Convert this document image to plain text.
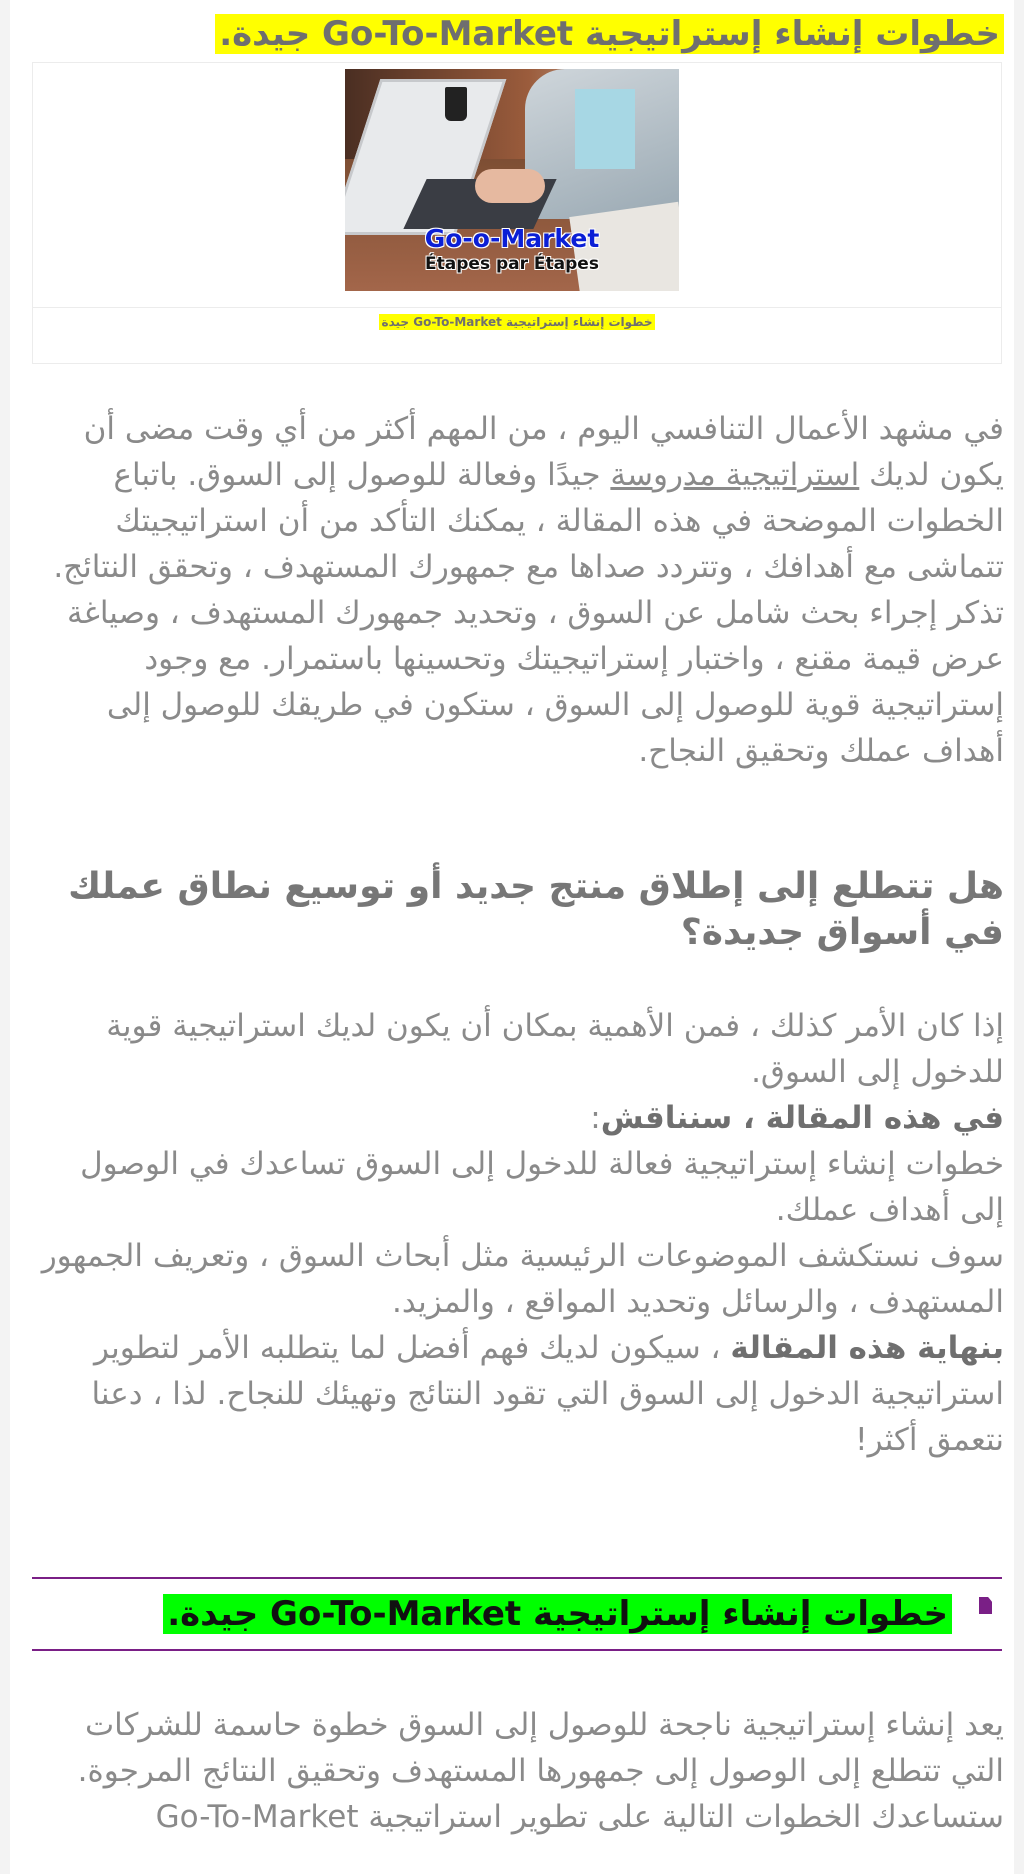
خطوات إنشاء إستراتيجية Go-To-Market جيدة.
Go-o-Market
Étapes par Étapes
خطوات إنشاء إستراتيجية Go-To-Market جيدة
في مشهد الأعمال التنافسي اليوم ، من المهم أكثر من أي وقت مضى أن يكون لديك استراتيجية مدروسة جيدًا وفعالة للوصول إلى السوق. باتباع الخطوات الموضحة في هذه المقالة ، يمكنك التأكد من أن استراتيجيتك تتماشى مع أهدافك ، وتتردد صداها مع جمهورك المستهدف ، وتحقق النتائج. تذكر إجراء بحث شامل عن السوق ، وتحديد جمهورك المستهدف ، وصياغة عرض قيمة مقنع ، واختبار إستراتيجيتك وتحسينها باستمرار. مع وجود إستراتيجية قوية للوصول إلى السوق ، ستكون في طريقك للوصول إلى أهداف عملك وتحقيق النجاح.
هل تتطلع إلى إطلاق منتج جديد أو توسيع نطاق عملك في أسواق جديدة؟
إذا كان الأمر كذلك ، فمن الأهمية بمكان أن يكون لديك استراتيجية قوية للدخول إلى السوق.
في هذه المقالة ، سنناقش:
خطوات إنشاء إستراتيجية فعالة للدخول إلى السوق تساعدك في الوصول إلى أهداف عملك.
سوف نستكشف الموضوعات الرئيسية مثل أبحاث السوق ، وتعريف الجمهور المستهدف ، والرسائل وتحديد المواقع ، والمزيد.
بنهاية هذه المقالة ، سيكون لديك فهم أفضل لما يتطلبه الأمر لتطوير استراتيجية الدخول إلى السوق التي تقود النتائج وتهيئك للنجاح. لذا ، دعنا نتعمق أكثر!
خطوات إنشاء إستراتيجية Go-To-Market جيدة.
يعد إنشاء إستراتيجية ناجحة للوصول إلى السوق خطوة حاسمة للشركات التي تتطلع إلى الوصول إلى جمهورها المستهدف وتحقيق النتائج المرجوة. ستساعدك الخطوات التالية على تطوير استراتيجية Go-To-Market
